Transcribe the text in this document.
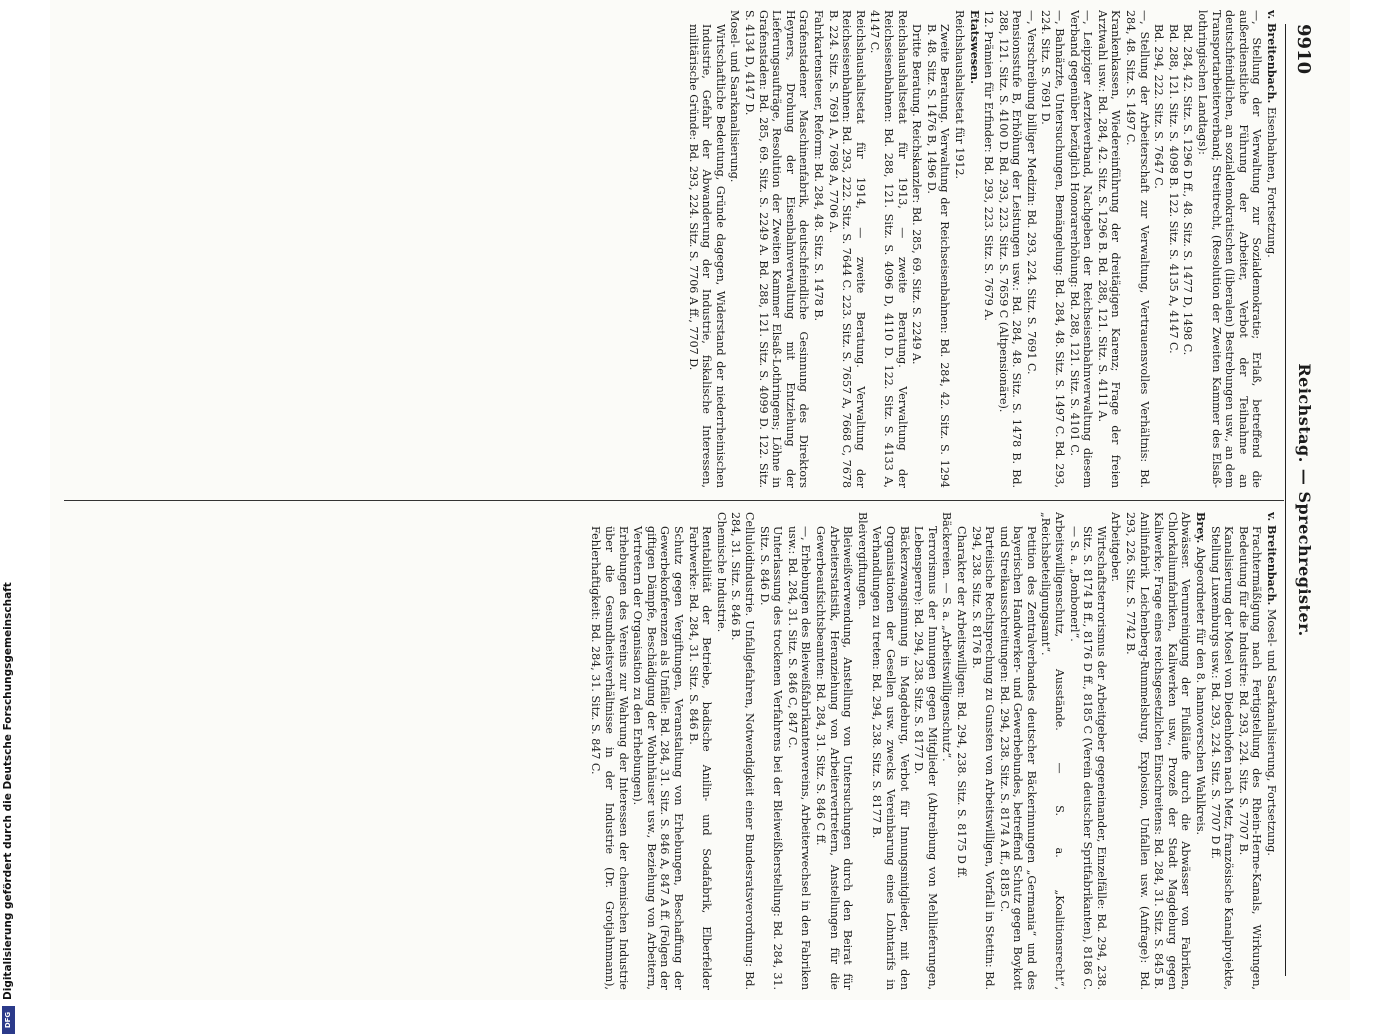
9910
Reichstag. — Sprechregister.

v. Breitenbach. Eisenbahnen, Fortsetzung.

—, Stellung der Verwaltung zur Sozialdemokratie; Erlaß, betreffend die außerdienstliche Führung der Arbeiter, Verbot der Teilnahme an deutschfeindlichen, an sozialdemokratischen (liberalen) Bestrebungen usw., an dem Transportarbeiterverband; Streitrecht, (Resolution der Zweiten Kammer des Elsaß-lothringischen Landtags):

Bd. 284, 42. Sitz. S. 1296 D ff., 48. Sitz. S. 1477 D, 1498 C.

Bd. 288, 121. Sitz. S. 4098 B. 122. Sitz. S. 4135 A, 4147 C.

Bd. 294, 222. Sitz. S. 7647 C.

—, Stellung der Arbeiterschaft zur Verwaltung, Vertrauensvolles Verhältnis: Bd. 284, 48. Sitz. S. 1497 C.

Krankenkassen, Wiedereinführung der dreitägigen Karenz; Frage der freien Arztwahl usw.: Bd. 284, 42. Sitz. S. 1296 B. Bd. 288, 121. Sitz. S. 4111 A.

—, Leipziger Aerzteverband, Nachgeben der Reichseisenbahnverwaltung diesem Verband gegenüber bezüglich Honorarerhöhung: Bd. 288, 121. Sitz. S. 4101 C.

—, Bahnärzte, Untersuchungen, Bemängelung: Bd. 284, 48. Sitz. S. 1497 C. Bd. 293, 224. Sitz. S. 7691 D.

—, Verschreibung billiger Medizin: Bd. 293, 224. Sitz. S. 7691 C.

Pensionsstufe B, Erhöhung der Leistungen usw.: Bd. 284, 48. Sitz. S. 1478 B. Bd. 288, 121. Sitz. S. 4100 D. Bd. 293, 223. Sitz. S. 7659 C (Altpensionäre).

12. Prämien für Erfinder: Bd. 293, 223. Sitz. S. 7679 A.

Etatswesen.

Reichshaushaltsetat für 1912.

Zweite Beratung. Verwaltung der Reichseisenbahnen: Bd. 284, 42. Sitz. S. 1294 B. 48. Sitz. S. 1476 B, 1496 D.

Dritte Beratung. Reichskanzler: Bd. 285, 69. Sitz. S. 2249 A.

Reichshaushaltsetat für 1913, — zweite Beratung. Verwaltung der Reichseisenbahnen: Bd. 288, 121. Sitz. S. 4096 D, 4110 D. 122. Sitz. S. 4133 A, 4147 C.

Reichshaushaltsetat für 1914, — zweite Beratung. Verwaltung der Reichseisenbahnen: Bd. 293, 222. Sitz. S. 7644 C. 223. Sitz. S. 7657 A, 7668 C, 7678 B. 224. Sitz. S. 7691 A, 7698 A, 7706 A.

Fahrkartensteuer, Reform: Bd. 284, 48. Sitz. S. 1478 B.

Grafenstadener Maschinenfabrik, deutschfeindliche Gesinnung des Direktors Heyners, Drohung der Eisenbahnverwaltung mit Entziehung der Lieferungsaufträge, Resolution der Zweiten Kammer Elsaß-Lothringens; Löhne in Grafenstaden: Bd. 285, 69. Sitz. S. 2249 A. Bd. 288, 121. Sitz. S. 4099 D. 122. Sitz. S. 4134 D, 4147 D.

Mosel- und Saarkanalisierung.

Wirtschaftliche Bedeutung, Gründe dagegen, Widerstand der niederrheinischen Industrie, Gefahr der Abwanderung der Industrie, fiskalische Interessen, militärische Gründe: Bd. 293, 224. Sitz. S. 7706 A ff., 7707 D.

v. Breitenbach. Mosel- und Saarkanalisierung, Fortsetzung.

Frachtermäßigung nach Fertigstellung des Rhein-Herne-Kanals, Wirkungen, Bedeutung für die Industrie: Bd. 293, 224. Sitz. S. 7707 B.

Kanalisierung der Mosel von Diedenhofen nach Metz, französische Kanalprojekte, Stellung Luxemburgs usw.: Bd. 293, 224. Sitz. S. 7707 D ff.

Brey. Abgeordneter für den 8. hannoverschen Wahlkreis.

Abwässer. Verunreinigung der Flußläufe durch die Abwässer von Fabriken, Chlorkaliumfabriken, Kaliwerken usw., Prozeß der Stadt Magdeburg gegen Kaliwerke; Frage eines reichsgesetzlichen Einschreitens: Bd. 284, 31. Sitz. S. 845 B.

Anilinfabrik Leichenberg-Rummelsburg, Explosion, Unfallen usw. (Anfrage): Bd. 293, 226. Sitz. S. 7742 B.

Arbeitgeber.

Wirtschaftsterrorismus der Arbeitgeber gegeneinander, Einzelfälle: Bd. 294, 238. Sitz. S. 8174 B ff., 8176 D ff., 8185 C (Verein deutscher Spritfabrikanten), 8186 C. — S. a. „Bonbonerl“.

Arbeitswilligenschutz, Ausstände. — S. a. „Koalitionsrecht“, „Reichsbeteiligungsamt“.

Petition des Zentralverbandes deutscher Bäckerinnungen „Germania“ und des bayerischen Handwerker- und Gewerbebundes, betreffend Schutz gegen Boykott und Streikausschreitungen: Bd. 294, 238. Sitz. S. 8174 A ff., 8185 C.

Parteiische Rechtsprechung zu Gunsten von Arbeitswilligen, Vorfall in Stettin: Bd. 294, 238. Sitz. S. 8176 B.

Charakter der Arbeitswilligen: Bd. 294, 238. Sitz. S. 8175 D ff.

Bäckereien. — S. a. „Arbeitswilligenschutz“.

Terrorismus der Innungen gegen Mitglieder (Abtreibung von Mehllieferungen, Lebensperre): Bd. 294, 238. Sitz. S. 8177 D.

Bäckerzwangsinnung in Magdeburg, Verbot für Innungsmitglieder, mit den Organisationen der Gesellen usw. zwecks Vereinbarung eines Lohntarifs in Verhandlungen zu treten: Bd. 294, 238. Sitz. S. 8177 B.

Bleivergiftungen.

Bleiweißverwendung, Anstellung von Untersuchungen durch den Beirat für Arbeiterstatistik, Heranziehung von Arbeitervertretern, Anstellungen für die Gewerbeaufsichtsbeamten: Bd. 284, 31. Sitz. S. 846 C ff.

—, Erhebungen des Bleiweißfabrikantenvereins, Arbeiterwechsel in den Fabriken usw.: Bd. 284, 31. Sitz. S. 846 C, 847 C.

Unterlassung des trockenen Verfahrens bei der Bleiweißherstellung: Bd. 284, 31. Sitz. S. 846 D.

Celluloidindustrie. Unfallgefahren, Notwendigkeit einer Bundesratsverordnung: Bd. 284, 31. Sitz. S. 846 B.

Chemische Industrie.

Rentabilität der Betriebe, badische Anilin- und Sodafabrik, Elberfelder Farbwerke: Bd. 284, 31. Sitz. S. 846 B.

Schutz gegen Vergiftungen, Veranstaltung von Erhebungen, Beschaffung der Gewerbekonferenzen als Unfälle: Bd. 284, 31. Sitz. S. 846 A, 847 A ff. (Folgen der giftigen Dämpfe, Beschädigung der Wohnhäuser usw., Beziehung von Arbeitern, Vertretern der Organisation zu den Erhebungen).

Erhebungen des Vereins zur Wahrung der Interessen der chemischen Industrie über die Gesundheitsverhältnisse in der Industrie (Dr. Grotjahnmann), Fehlerhaftigkeit: Bd. 284, 31. Sitz. S. 847 C.

DFG
Digitalisierung gefördert durch die Deutsche Forschungsgemeinschaft
